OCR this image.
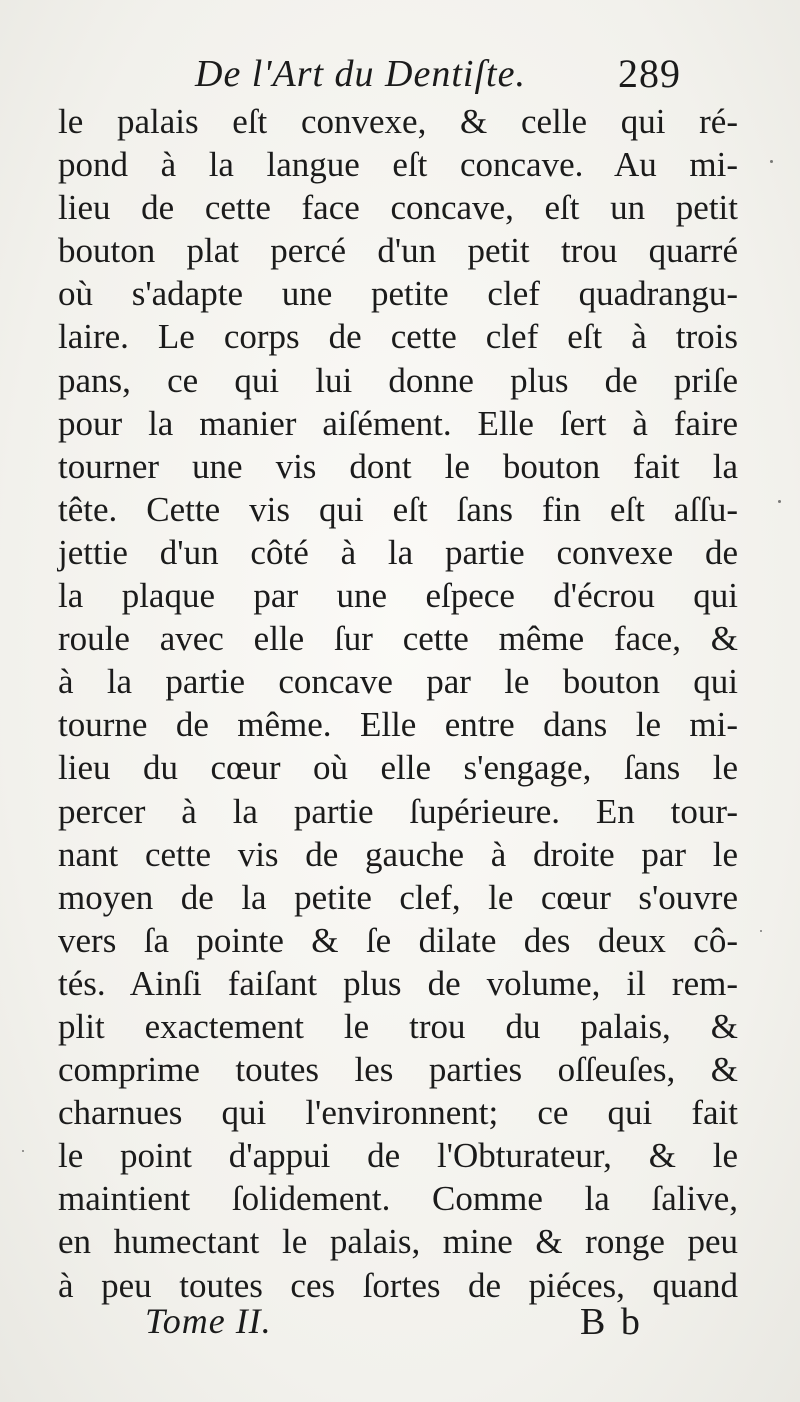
De l'Art du Dentiſte. 289
le palais eſt convexe, & celle qui ré-
pond à la langue eſt concave. Au mi-
lieu de cette face concave, eſt un petit
bouton plat percé d'un petit trou quarré
où s'adapte une petite clef quadrangu-
laire. Le corps de cette clef eſt à trois
pans, ce qui lui donne plus de priſe
pour la manier aiſément. Elle ſert à faire
tourner une vis dont le bouton fait la
tête. Cette vis qui eſt ſans fin eſt aſſu-
jettie d'un côté à la partie convexe de
la plaque par une eſpece d'écrou qui
roule avec elle ſur cette même face, &
à la partie concave par le bouton qui
tourne de même. Elle entre dans le mi-
lieu du cœur où elle s'engage, ſans le
percer à la partie ſupérieure. En tour-
nant cette vis de gauche à droite par le
moyen de la petite clef, le cœur s'ouvre
vers ſa pointe & ſe dilate des deux cô-
tés. Ainſi faiſant plus de volume, il rem-
plit exactement le trou du palais, &
comprime toutes les parties oſſeuſes, &
charnues qui l'environnent; ce qui fait
le point d'appui de l'Obturateur, & le
maintient ſolidement. Comme la ſalive,
en humectant le palais, mine & ronge peu
à peu toutes ces ſortes de piéces, quand
Tome II.	B b
